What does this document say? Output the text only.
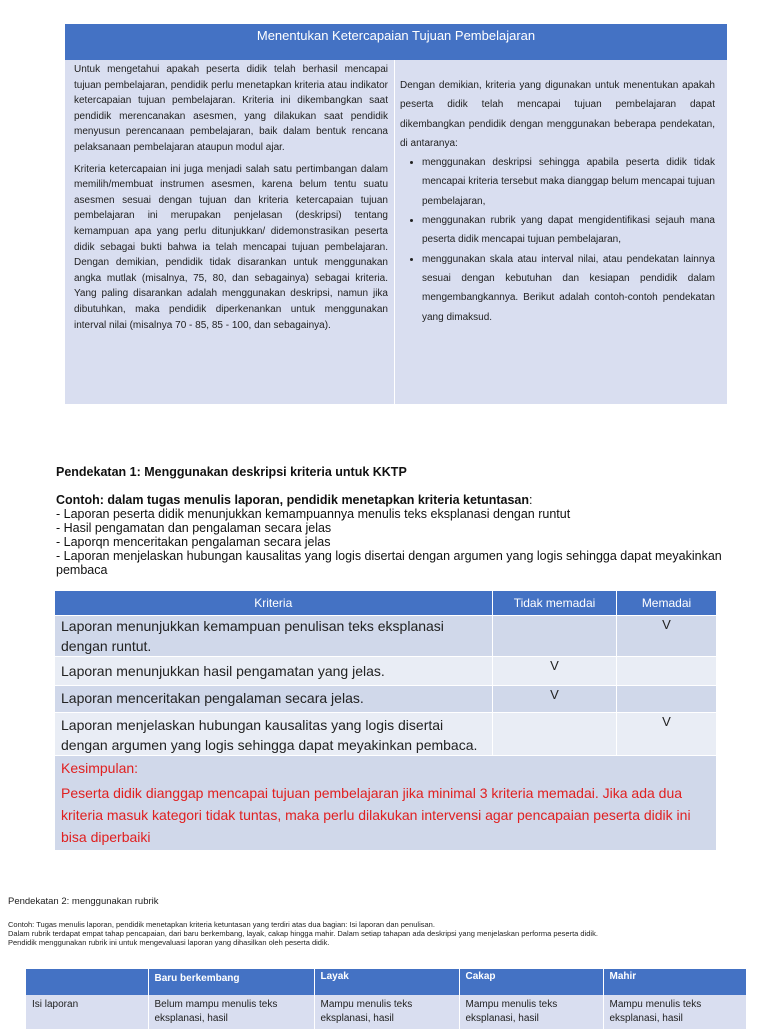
Menentukan Ketercapaian Tujuan Pembelajaran

Untuk mengetahui apakah peserta didik telah berhasil mencapai tujuan pembelajaran, pendidik perlu menetapkan kriteria atau indikator ketercapaian tujuan pembelajaran. Kriteria ini dikembangkan saat pendidik merencanakan asesmen, yang dilakukan saat pendidik menyusun perencanaan pembelajaran, baik dalam bentuk rencana pelaksanaan pembelajaran ataupun modul ajar.

Kriteria ketercapaian ini juga menjadi salah satu pertimbangan dalam memilih/membuat instrumen asesmen, karena belum tentu suatu asesmen sesuai dengan tujuan dan kriteria ketercapaian tujuan pembelajaran ini merupakan penjelasan (deskripsi) tentang kemampuan apa yang perlu ditunjukkan/ didemonstrasikan peserta didik sebagai bukti bahwa ia telah mencapai tujuan pembelajaran. Dengan demikian, pendidik tidak disarankan untuk menggunakan angka mutlak (misalnya, 75, 80, dan sebagainya) sebagai kriteria. Yang paling disarankan adalah menggunakan deskripsi, namun jika dibutuhkan, maka pendidik diperkenankan untuk menggunakan interval nilai (misalnya 70 - 85, 85 - 100, dan sebagainya).

Dengan demikian, kriteria yang digunakan untuk menentukan apakah peserta didik telah mencapai tujuan pembelajaran dapat dikembangkan pendidik dengan menggunakan beberapa pendekatan, di antaranya:

• menggunakan deskripsi sehingga apabila peserta didik tidak mencapai kriteria tersebut maka dianggap belum mencapai tujuan pembelajaran,
• menggunakan rubrik yang dapat mengidentifikasi sejauh mana peserta didik mencapai tujuan pembelajaran,
• menggunakan skala atau interval nilai, atau pendekatan lainnya sesuai dengan kebutuhan dan kesiapan pendidik dalam mengembangkannya. Berikut adalah contoh-contoh pendekatan yang dimaksud.
Pendekatan 1: Menggunakan deskripsi kriteria untuk KKTP
Contoh: dalam tugas menulis laporan, pendidik menetapkan kriteria ketuntasan:
- Laporan peserta didik menunjukkan kemampuannya menulis teks eksplanasi dengan runtut
- Hasil pengamatan dan pengalaman secara jelas
- Laporqn menceritakan pengalaman secara jelas
- Laporan menjelaskan hubungan kausalitas yang logis disertai dengan argumen yang logis sehingga dapat meyakinkan pembaca
Kriteria	Tidak memadai	Memadai
Laporan menunjukkan kemampuan penulisan teks eksplanasi dengan runtut.		V
Laporan menunjukkan hasil pengamatan yang jelas.	V	
Laporan menceritakan pengalaman secara jelas.	V	
Laporan menjelaskan hubungan kausalitas yang logis disertai dengan argumen yang logis sehingga dapat meyakinkan pembaca.		V

Kesimpulan:
Peserta didik dianggap mencapai tujuan pembelajaran jika minimal 3 kriteria memadai. Jika ada dua kriteria masuk kategori tidak tuntas, maka perlu dilakukan intervensi agar pencapaian peserta didik ini bisa diperbaiki		
Pendekatan 2: menggunakan rubrik
Contoh: Tugas menulis laporan, pendidik menetapkan kriteria ketuntasan yang terdiri atas dua bagian: Isi laporan dan penulisan.
Dalam rubrik terdapat empat tahap pencapaian, dari baru berkembang, layak, cakap hingga mahir. Dalam setiap tahapan ada deskripsi yang menjelaskan performa peserta didik.
Pendidik menggunakan rubrik ini untuk mengevaluasi laporan yang dihasilkan oleh peserta didik.
	Baru berkembang	Layak	Cakap	Mahir
Isi laporan	Belum mampu menulis teks eksplanasi, hasil	Mampu menulis teks eksplanasi, hasil	Mampu menulis teks eksplanasi, hasil	Mampu menulis teks eksplanasi, hasil
